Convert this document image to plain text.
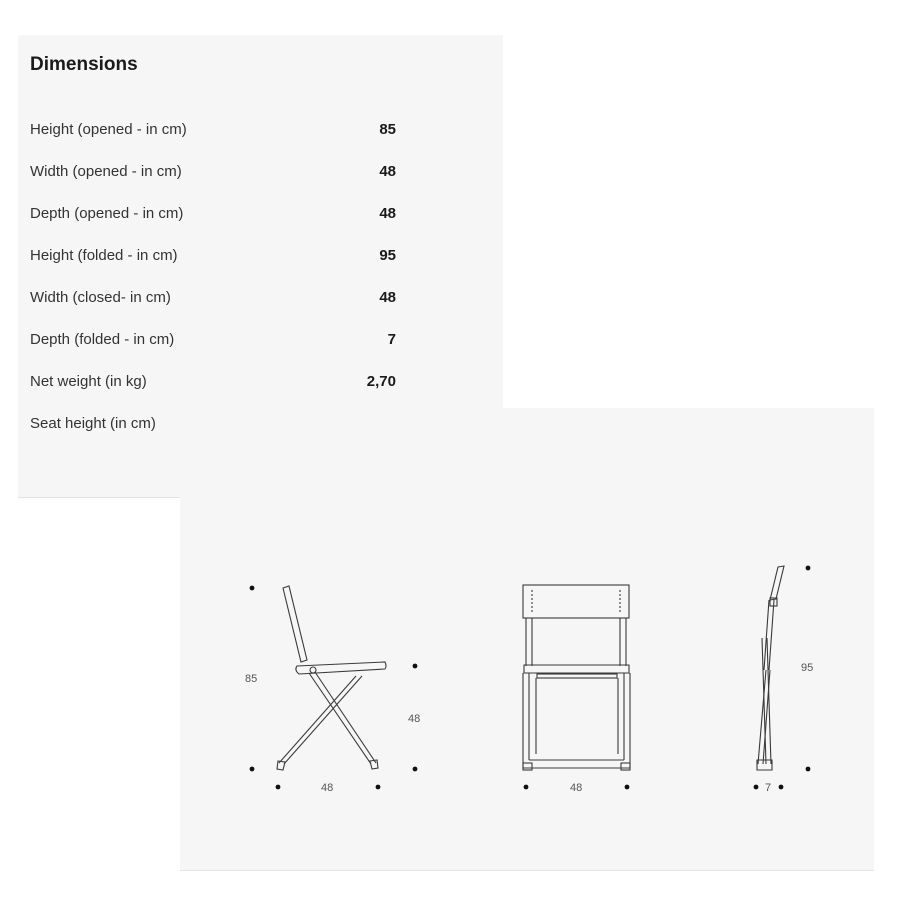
Dimensions
Height (opened - in cm)	85
Width (opened - in cm)	48
Depth (opened - in cm)	48
Height (folded - in cm)	95
Width (closed- in cm)	48
Depth (folded - in cm)	7
Net weight (in kg)	2,70
Seat height (in cm)
85
48
48	48
95
7
